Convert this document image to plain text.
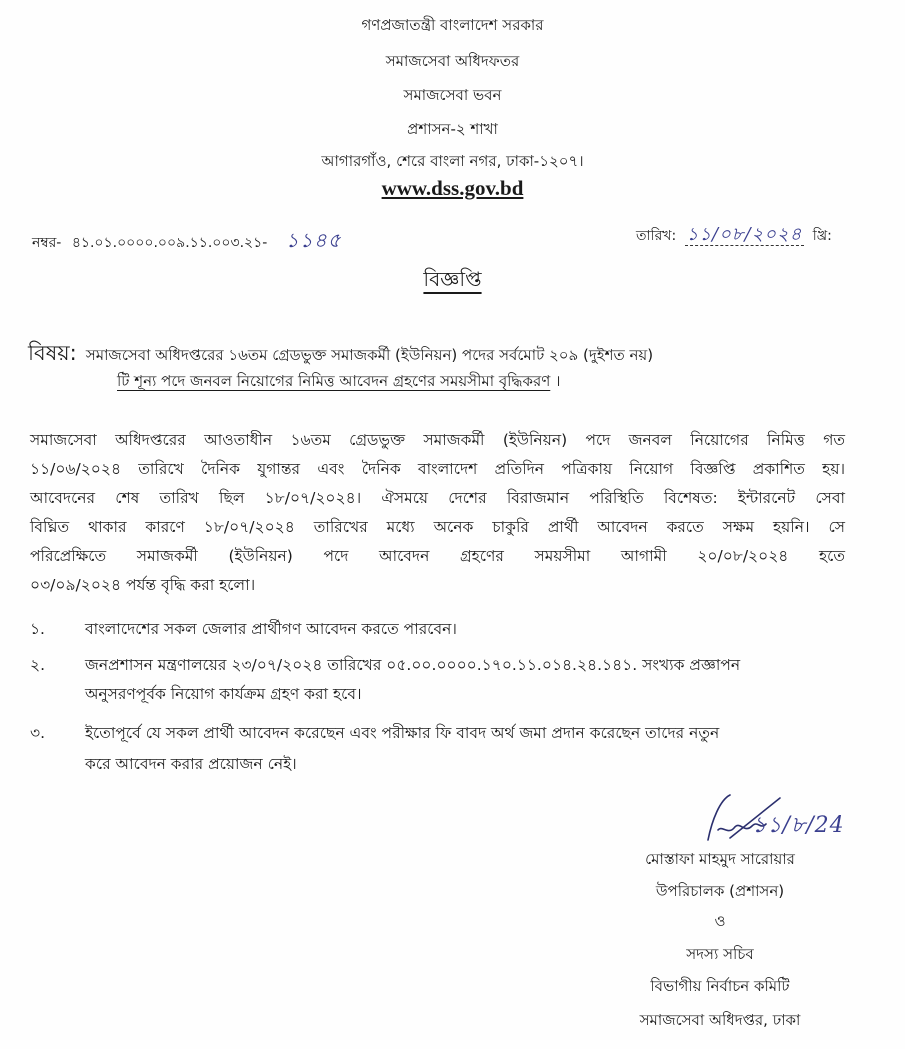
গণপ্রজাতন্ত্রী বাংলাদেশ সরকার
সমাজসেবা অধিদফতর
সমাজসেবা ভবন
প্রশাসন-২ শাখা
আগারগাঁও, শেরে বাংলা নগর, ঢাকা-১২০৭।
www.dss.gov.bd
নম্বর- ৪১.০১.০০০০.০০৯.১১.০০৩.২১- ১১৪৫	তারিখ: ১১/০৮/২০২৪ খ্রি:
বিজ্ঞপ্তি
বিষয়: সমাজসেবা অধিদপ্তরের ১৬তম গ্রেডভুক্ত সমাজকর্মী (ইউনিয়ন) পদের সর্বমোট ২০৯ (দুইশত নয়)
টি শূন্য পদে জনবল নিয়োগের নিমিত্ত আবেদন গ্রহণের সময়সীমা বৃদ্ধিকরণ ।
সমাজসেবা অধিদপ্তরের আওতাধীন ১৬তম গ্রেডভুক্ত সমাজকর্মী (ইউনিয়ন) পদে জনবল নিয়োগের নিমিত্ত গত
১১/০৬/২০২৪ তারিখে দৈনিক যুগান্তর এবং দৈনিক বাংলাদেশ প্রতিদিন পত্রিকায় নিয়োগ বিজ্ঞপ্তি প্রকাশিত হয়।
আবেদনের শেষ তারিখ ছিল ১৮/০৭/২০২৪। ঐসময়ে দেশের বিরাজমান পরিস্থিতি বিশেষত: ইন্টারনেট সেবা
বিঘ্নিত থাকার কারণে ১৮/০৭/২০২৪ তারিখের মধ্যে অনেক চাকুরি প্রার্থী আবেদন করতে সক্ষম হয়নি। সে
পরিপ্রেক্ষিতে সমাজকর্মী (ইউনিয়ন) পদে আবেদন গ্রহণের সময়সীমা আগামী ২০/০৮/২০২৪ হতে
০৩/০৯/২০২৪ পর্যন্ত বৃদ্ধি করা হলো।
১.	বাংলাদেশের সকল জেলার প্রার্থীগণ আবেদন করতে পারবেন।
২.	জনপ্রশাসন মন্ত্রণালয়ের ২৩/০৭/২০২৪ তারিখের ০৫.০০.০০০০.১৭০.১১.০১৪.২৪.১৪১. সংখ্যক প্রজ্ঞাপন
অনুসরণপূর্বক নিয়োগ কার্যক্রম গ্রহণ করা হবে।
৩.	ইতোপূর্বে যে সকল প্রার্থী আবেদন করেছেন এবং পরীক্ষার ফি বাবদ অর্থ জমা প্রদান করেছেন তাদের নতুন
করে আবেদন করার প্রয়োজন নেই।
১১/৮/24
মোস্তাফা মাহমুদ সারোয়ার
উপরিচালক (প্রশাসন)
ও
সদস্য সচিব
বিভাগীয় নির্বাচন কমিটি
সমাজসেবা অধিদপ্তর, ঢাকা
